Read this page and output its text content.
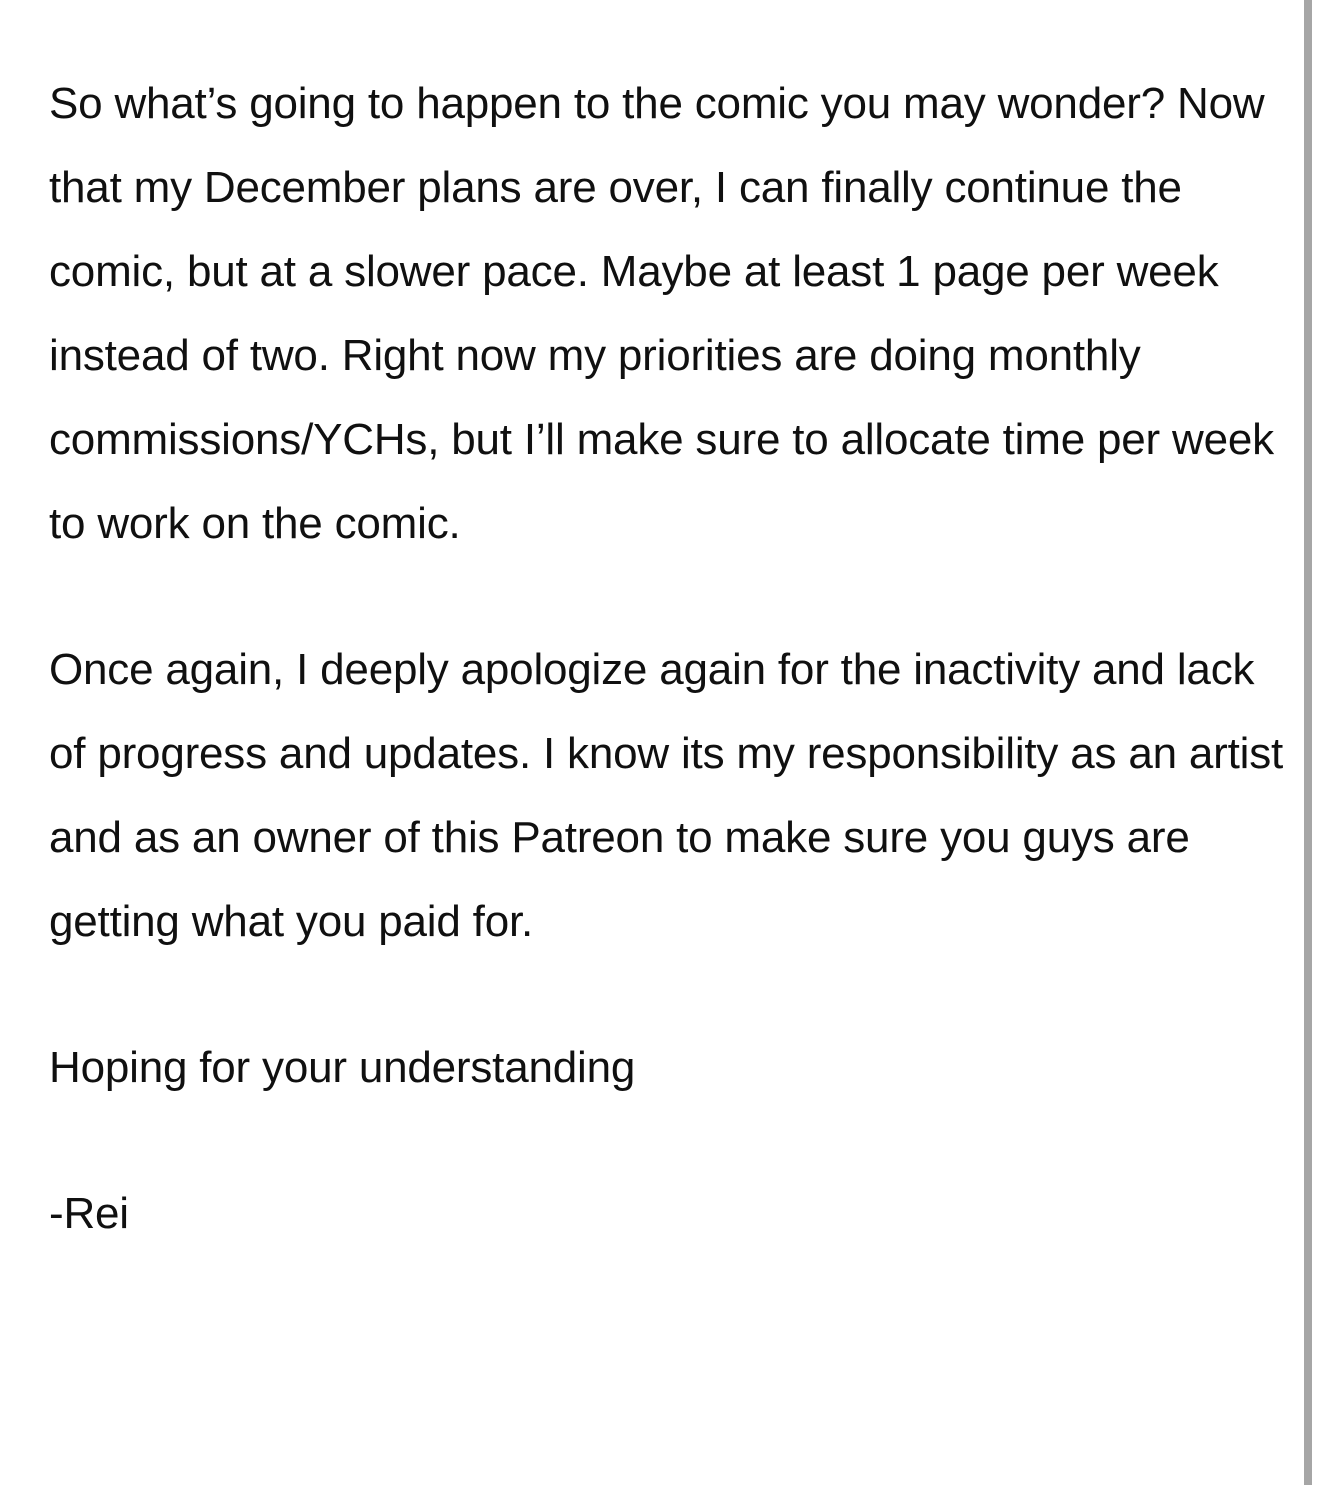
So what’s going to happen to the comic you may wonder? Now that my December plans are over, I can finally continue the comic, but at a slower pace. Maybe at least 1 page per week instead of two. Right now my priorities are doing monthly commissions/YCHs, but I’ll make sure to allocate time per week to work on the comic.

Once again, I deeply apologize again for the inactivity and lack of progress and updates. I know its my responsibility as an artist and as an owner of this Patreon to make sure you guys are getting what you paid for.

Hoping for your understanding

-Rei
